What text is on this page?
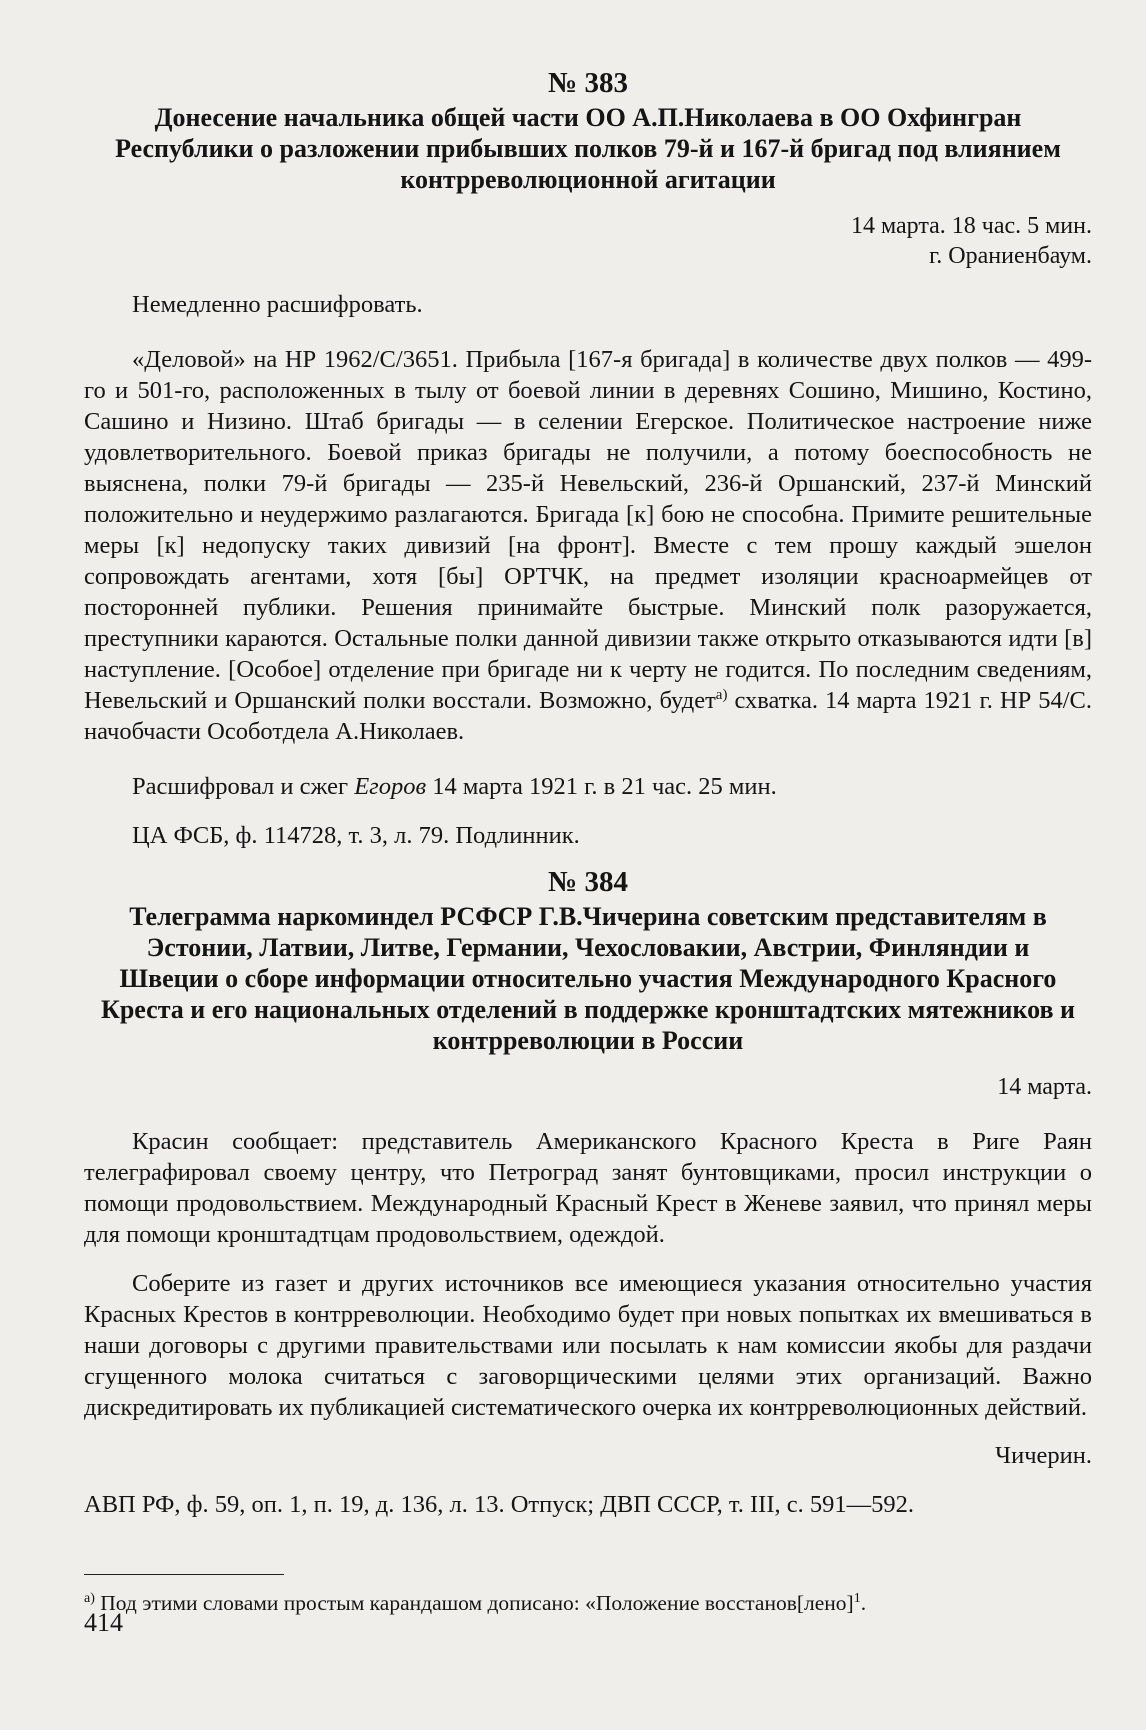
№ 383
Донесение начальника общей части ОО А.П.Николаева в ОО Охфингран Республики о разложении прибывших полков 79-й и 167-й бригад под влиянием контрреволюционной агитации
14 марта. 18 час. 5 мин.
г. Ораниенбаум.

Немедленно расшифровать.

«Деловой» на НР 1962/С/3651. Прибыла [167-я бригада] в количестве двух полков — 499-го и 501-го, расположенных в тылу от боевой линии в деревнях Сошино, Мишино, Костино, Сашино и Низино. Штаб бригады — в селении Егерское. Политическое настроение ниже удовлетворительного. Боевой приказ бригады не получили, а потому боеспособность не выяснена, полки 79-й бригады — 235-й Невельский, 236-й Оршанский, 237-й Минский положительно и неудержимо разлагаются. Бригада [к] бою не способна. Примите решительные меры [к] недопуску таких дивизий [на фронт]. Вместе с тем прошу каждый эшелон сопровождать агентами, хотя [бы] ОРТЧК, на предмет изоляции красноармейцев от посторонней публики. Решения принимайте быстрые. Минский полк разоружается, преступники караются. Остальные полки данной дивизии также открыто отказываются идти [в] наступление. [Особое] отделение при бригаде ни к черту не годится. По последним сведениям, Невельский и Оршанский полки восстали. Возможно, будет$^{а)}$ схватка. 14 марта 1921 г. НР 54/С. начобчасти Особотдела А.Николаев.

Расшифровал и сжег Егоров 14 марта 1921 г. в 21 час. 25 мин.

ЦА ФСБ, ф. 114728, т. 3, л. 79. Подлинник.

№ 384
Телеграмма наркоминдел РСФСР Г.В.Чичерина советским представителям в Эстонии, Латвии, Литве, Германии, Чехословакии, Австрии, Финляндии и Швеции о сборе информации относительно участия Международного Красного Креста и его национальных отделений в поддержке кронштадтских мятежников и контрреволюции в России
14 марта.

Красин сообщает: представитель Американского Красного Креста в Риге Раян телеграфировал своему центру, что Петроград занят бунтовщиками, просил инструкции о помощи продовольствием. Международный Красный Крест в Женеве заявил, что принял меры для помощи кронштадтцам продовольствием, одеждой.

Соберите из газет и других источников все имеющиеся указания относительно участия Красных Крестов в контрреволюции. Необходимо будет при новых попытках их вмешиваться в наши договоры с другими правительствами или посылать к нам комиссии якобы для раздачи сгущенного молока считаться с заговорщическими целями этих организаций. Важно дискредитировать их публикацией систематического очерка их контрреволюционных действий.

Чичерин.

АВП РФ, ф. 59, оп. 1, п. 19, д. 136, л. 13. Отпуск; ДВП СССР, т. III, с. 591—592.

$^{а)}$ Под этими словами простым карандашом дописано: «Положение восстанов[лено]$^1$.
414
